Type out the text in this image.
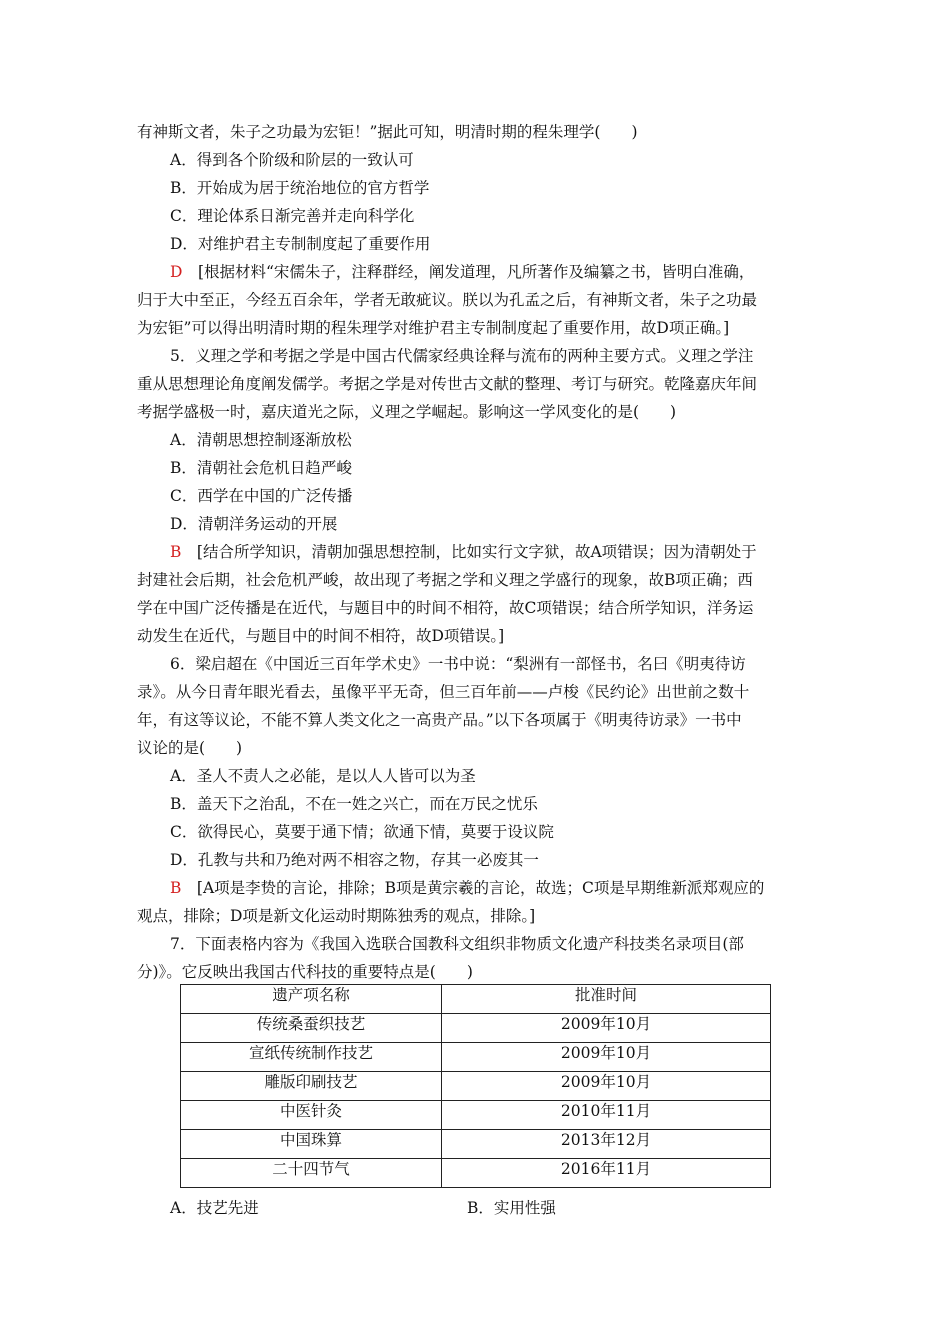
有神斯文者，朱子之功最为宏钜！”据此可知，明清时期的程朱理学(　　)
A．得到各个阶级和阶层的一致认可
B．开始成为居于统治地位的官方哲学
C．理论体系日渐完善并走向科学化
D．对维护君主专制制度起了重要作用
D　[根据材料“宋儒朱子，注释群经，阐发道理，凡所著作及编纂之书，皆明白准确，
归于大中至正，今经五百余年，学者无敢疵议。朕以为孔孟之后，有神斯文者，朱子之功最
为宏钜”可以得出明清时期的程朱理学对维护君主专制制度起了重要作用，故D项正确。]
5．义理之学和考据之学是中国古代儒家经典诠释与流布的两种主要方式。义理之学注
重从思想理论角度阐发儒学。考据之学是对传世古文献的整理、考订与研究。乾隆嘉庆年间
考据学盛极一时，嘉庆道光之际，义理之学崛起。影响这一学风变化的是(　　)
A．清朝思想控制逐渐放松
B．清朝社会危机日趋严峻
C．西学在中国的广泛传播
D．清朝洋务运动的开展
B　[结合所学知识，清朝加强思想控制，比如实行文字狱，故A项错误；因为清朝处于
封建社会后期，社会危机严峻，故出现了考据之学和义理之学盛行的现象，故B项正确；西
学在中国广泛传播是在近代，与题目中的时间不相符，故C项错误；结合所学知识，洋务运
动发生在近代，与题目中的时间不相符，故D项错误。]
6．梁启超在《中国近三百年学术史》一书中说：“梨洲有一部怪书，名曰《明夷待访
录》。从今日青年眼光看去，虽像平平无奇，但三百年前——卢梭《民约论》出世前之数十
年，有这等议论，不能不算人类文化之一高贵产品。”以下各项属于《明夷待访录》一书中
议论的是(　　)
A．圣人不责人之必能，是以人人皆可以为圣
B．盖天下之治乱，不在一姓之兴亡，而在万民之忧乐
C．欲得民心，莫要于通下情；欲通下情，莫要于设议院
D．孔教与共和乃绝对两不相容之物，存其一必废其一
B　[A项是李贽的言论，排除；B项是黄宗羲的言论，故选；C项是早期维新派郑观应的
观点，排除；D项是新文化运动时期陈独秀的观点，排除。]
7．下面表格内容为《我国入选联合国教科文组织非物质文化遗产科技类名录项目(部
分)》。它反映出我国古代科技的重要特点是(　　)
遗产项名称	批准时间
传统桑蚕织技艺	2009年10月
宣纸传统制作技艺	2009年10月
雕版印刷技艺	2009年10月
中医针灸	2010年11月
中国珠算	2013年12月
二十四节气	2016年11月
A．技艺先进	B．实用性强
